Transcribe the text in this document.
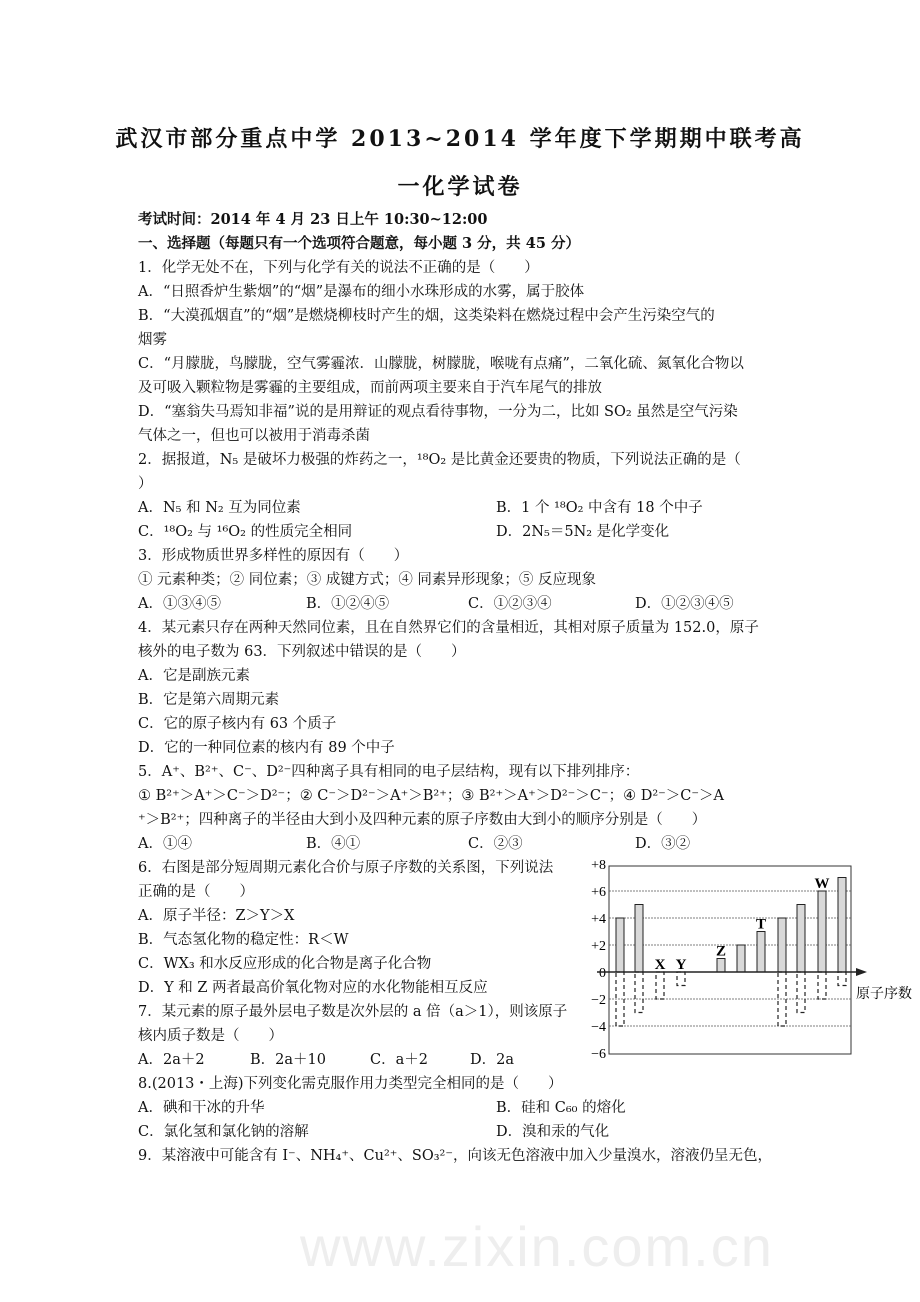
www.zixin.com.cn
武汉市部分重点中学 2013~2014 学年度下学期期中联考高
一化学试卷
考试时间：2014 年 4 月 23 日上午 10:30~12:00
一、选择题（每题只有一个选项符合题意，每小题 3 分，共 45 分）
1．化学无处不在，下列与化学有关的说法不正确的是（　　）
A．“日照香炉生紫烟”的“烟”是瀑布的细小水珠形成的水雾，属于胶体
B．“大漠孤烟直”的“烟”是燃烧柳枝时产生的烟，这类染料在燃烧过程中会产生污染空气的
烟雾
C．“月朦胧，鸟朦胧，空气雾霾浓．山朦胧，树朦胧，喉咙有点痛”，二氧化硫、氮氧化合物以
及可吸入颗粒物是雾霾的主要组成，而前两项主要来自于汽车尾气的排放
D．“塞翁失马焉知非福”说的是用辩证的观点看待事物，一分为二，比如 SO₂ 虽然是空气污染
气体之一，但也可以被用于消毒杀菌
2．据报道，N₅ 是破坏力极强的炸药之一，¹⁸O₂ 是比黄金还要贵的物质，下列说法正确的是（
）
A．N₅ 和 N₂ 互为同位素	B．1 个 ¹⁸O₂ 中含有 18 个中子
C．¹⁸O₂ 与 ¹⁶O₂ 的性质完全相同	D．2N₅＝5N₂ 是化学变化
3．形成物质世界多样性的原因有（　　）
① 元素种类；② 同位素；③ 成键方式；④ 同素异形现象；⑤ 反应现象
A．①③④⑤	B．①②④⑤	C．①②③④	D．①②③④⑤
4．某元素只存在两种天然同位素，且在自然界它们的含量相近，其相对原子质量为 152.0，原子
核外的电子数为 63．下列叙述中错误的是（　　）
A．它是副族元素
B．它是第六周期元素
C．它的原子核内有 63 个质子
D．它的一种同位素的核内有 89 个中子
5．A⁺、B²⁺、C⁻、D²⁻四种离子具有相同的电子层结构，现有以下排列排序：
① B²⁺＞A⁺＞C⁻＞D²⁻；② C⁻＞D²⁻＞A⁺＞B²⁺；③ B²⁺＞A⁺＞D²⁻＞C⁻；④ D²⁻＞C⁻＞A
⁺＞B²⁺；四种离子的半径由大到小及四种元素的原子序数由大到小的顺序分别是（　　）
A．①④	B．④①	C．②③	D．③②
6．右图是部分短周期元素化合价与原子序数的关系图，下列说法
正确的是（　　）
A．原子半径：Z＞Y＞X
B．气态氢化物的稳定性：R＜W
C．WX₃ 和水反应形成的化合物是离子化合物
D．Y 和 Z 两者最高价氧化物对应的水化物能相互反应
7．某元素的原子最外层电子数是次外层的 a 倍（a＞1），则该原子
核内质子数是（　　）
A．2a＋2	B．2a＋10	C．a＋2	D．2a
8.(2013・上海)下列变化需克服作用力类型完全相同的是（　　）
A．碘和干冰的升华	B．硅和 C₆₀ 的熔化
C．氯化氢和氯化钠的溶解	D．溴和汞的气化
9．某溶液中可能含有 I⁻、NH₄⁺、Cu²⁺、SO₃²⁻，向该无色溶液中加入少量溴水，溶液仍呈无色，
+8
+6
+4
+2
0
−2
−4
−6
原子序数
X Y
Z
T
W
